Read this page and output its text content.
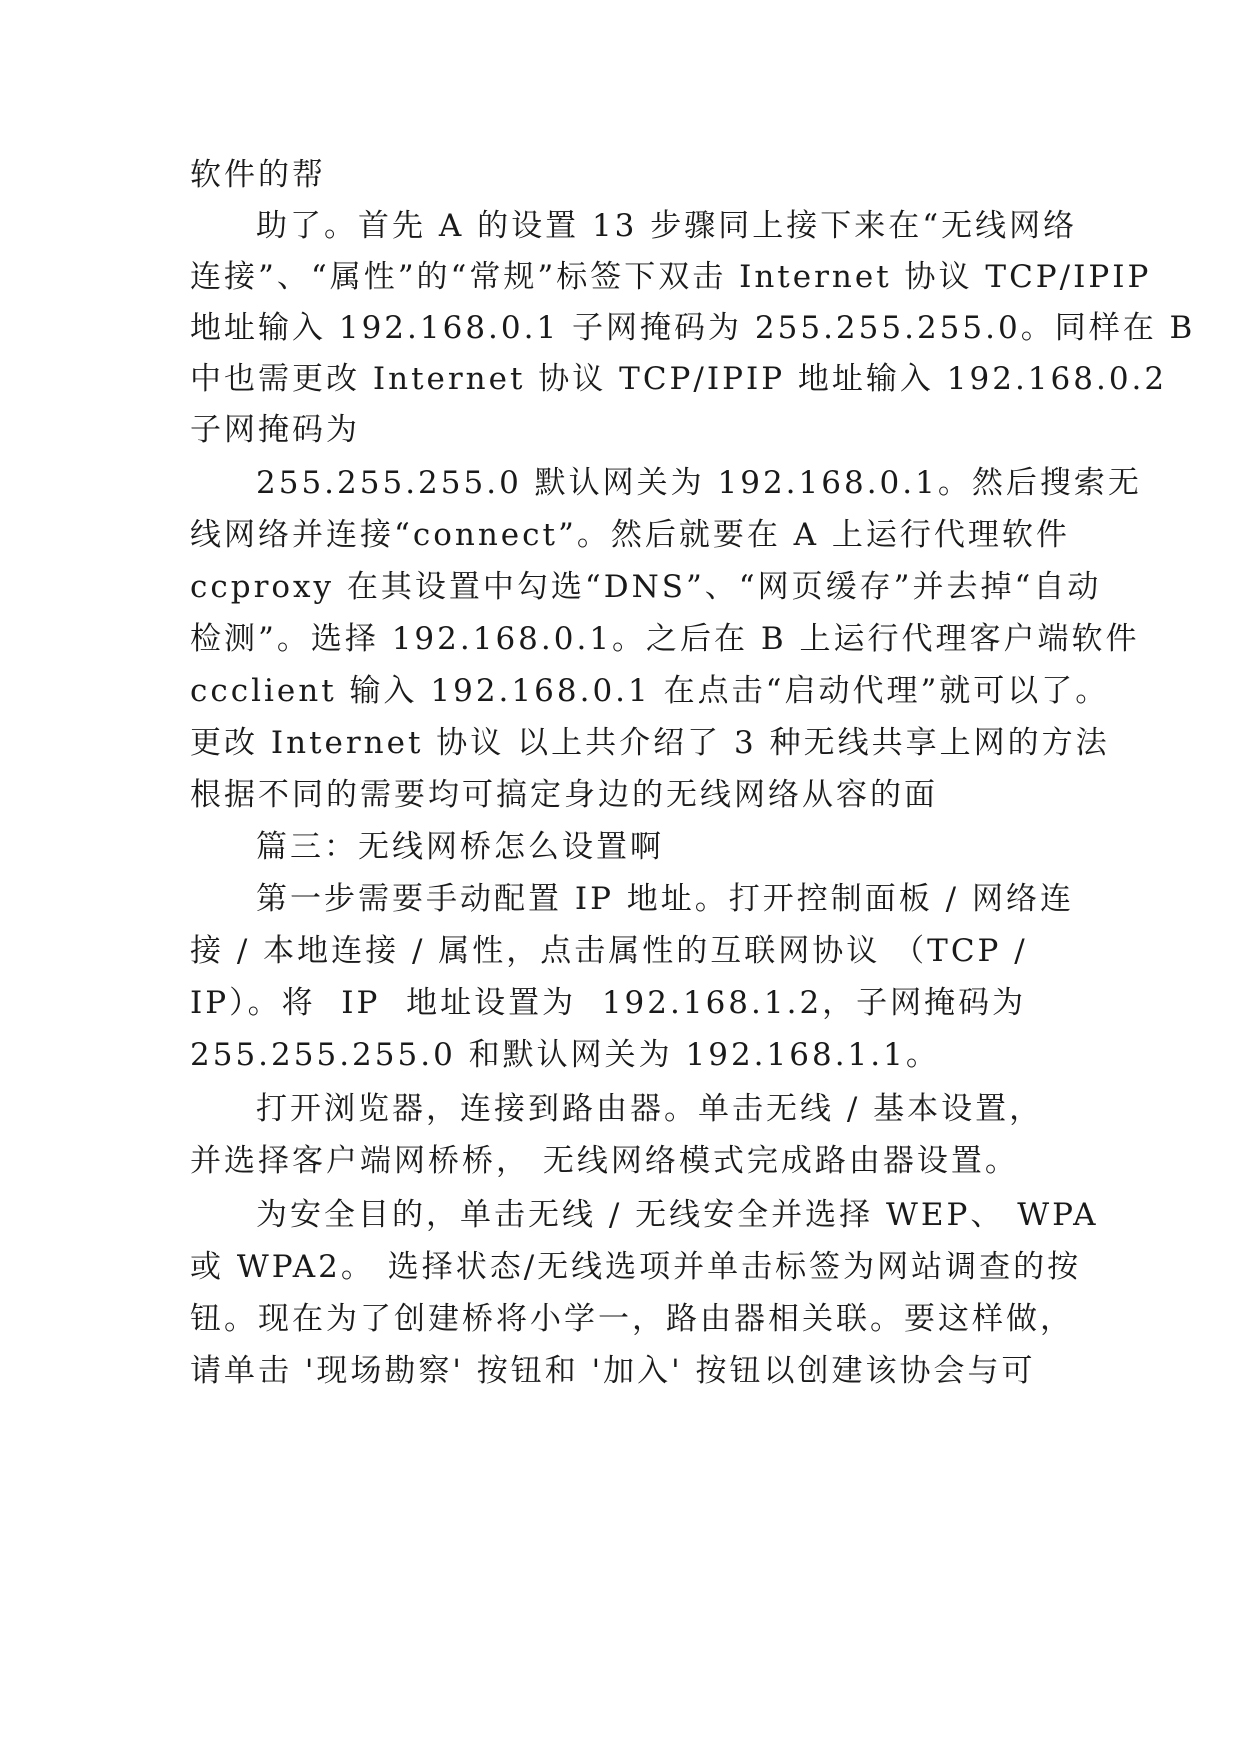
软件的帮
助了。首先 A 的设置 13 步骤同上接下来在“无线网络
连接”、“属性”的“常规”标签下双击 Internet 协议 TCP/IPIP
地址输入 192.168.0.1 子网掩码为 255.255.255.0。同样在 B
中也需更改 Internet 协议 TCP/IPIP 地址输入 192.168.0.2
子网掩码为
255.255.255.0 默认网关为 192.168.0.1。然后搜索无
线网络并连接“connect”。然后就要在 A 上运行代理软件
ccproxy 在其设置中勾选“DNS”、“网页缓存”并去掉“自动
检测”。选择 192.168.0.1。之后在 B 上运行代理客户端软件
ccclient 输入 192.168.0.1 在点击“启动代理”就可以了。
更改 Internet 协议 以上共介绍了 3 种无线共享上网的方法
根据不同的需要均可搞定身边的无线网络从容的面
篇三：无线网桥怎么设置啊
第一步需要手动配置 IP 地址。打开控制面板 / 网络连
接 / 本地连接 / 属性，点击属性的互联网协议 （TCP /
IP）。将  IP  地址设置为  192.168.1.2，子网掩码为
255.255.255.0 和默认网关为 192.168.1.1。
打开浏览器，连接到路由器。单击无线 / 基本设置，
并选择客户端网桥桥， 无线网络模式完成路由器设置。
为安全目的，单击无线 / 无线安全并选择 WEP、 WPA
或 WPA2。 选择状态/无线选项并单击标签为网站调查的按
钮。现在为了创建桥将小学一，路由器相关联。要这样做，
请单击 '现场勘察' 按钮和 '加入' 按钮以创建该协会与可
